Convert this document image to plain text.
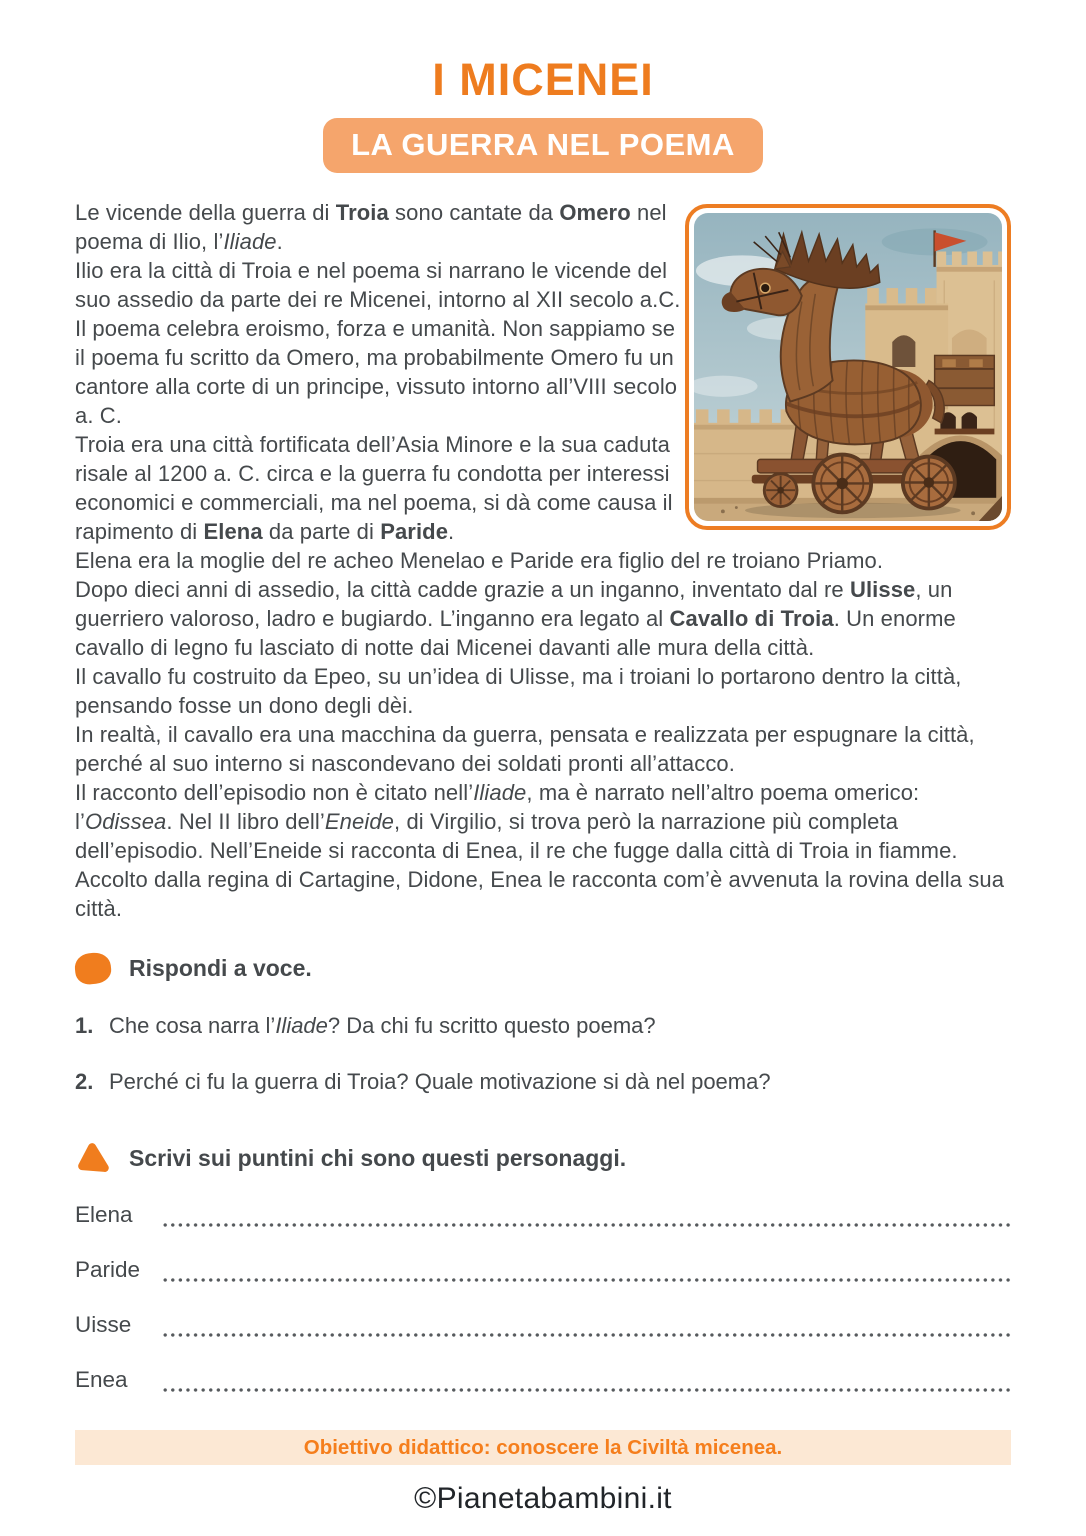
I MICENEI
LA GUERRA NEL POEMA
Le vicende della guerra di Troia sono cantate da Omero nel poema di Ilio, l’Iliade.
Ilio era la città di Troia e nel poema si narrano le vicende del suo assedio da parte dei re Micenei, intorno al XII secolo a.C.
Il poema celebra eroismo, forza e umanità. Non sappiamo se il poema fu scritto da Omero, ma probabilmente Omero fu un cantore alla corte di un principe, vissuto intorno all’VIII secolo a. C.
Troia era una città fortificata dell’Asia Minore e la sua caduta risale al 1200 a. C. circa e la guerra fu condotta per interessi economici e commerciali, ma nel poema, si dà come causa il rapimento di Elena da parte di Paride.
Elena era la moglie del re acheo Menelao e Paride era figlio del re troiano Priamo.
Dopo dieci anni di assedio, la città cadde grazie a un inganno, inventato dal re Ulisse, un guerriero valoroso, ladro e bugiardo. L’inganno era legato al Cavallo di Troia. Un enorme cavallo di legno fu lasciato di notte dai Micenei davanti alle mura della città.
Il cavallo fu costruito da Epeo, su un’idea di Ulisse, ma i troiani lo portarono dentro la città, pensando fosse un dono degli dèi.
In realtà, il cavallo era una macchina da guerra, pensata e realizzata per espugnare la città, perché al suo interno si nascondevano dei soldati pronti all’attacco.
Il racconto dell’episodio non è citato nell’Iliade, ma è narrato nell’altro poema omerico: l’Odissea. Nel II libro dell’Eneide, di Virgilio, si trova però la narrazione più completa dell’episodio. Nell’Eneide si racconta di Enea, il re che fugge dalla città di Troia in fiamme. Accolto dalla regina di Cartagine, Didone, Enea le racconta com’è avvenuta la rovina della sua città.
Rispondi a voce.
1. Che cosa narra l’Iliade? Da chi fu scritto questo poema?
2. Perché ci fu la guerra di Troia? Quale motivazione si dà nel poema?
Scrivi sui puntini chi sono questi personaggi.
Elena
Paride
Uisse
Enea
Obiettivo didattico: conoscere la Civiltà micenea.
©Pianetabambini.it
